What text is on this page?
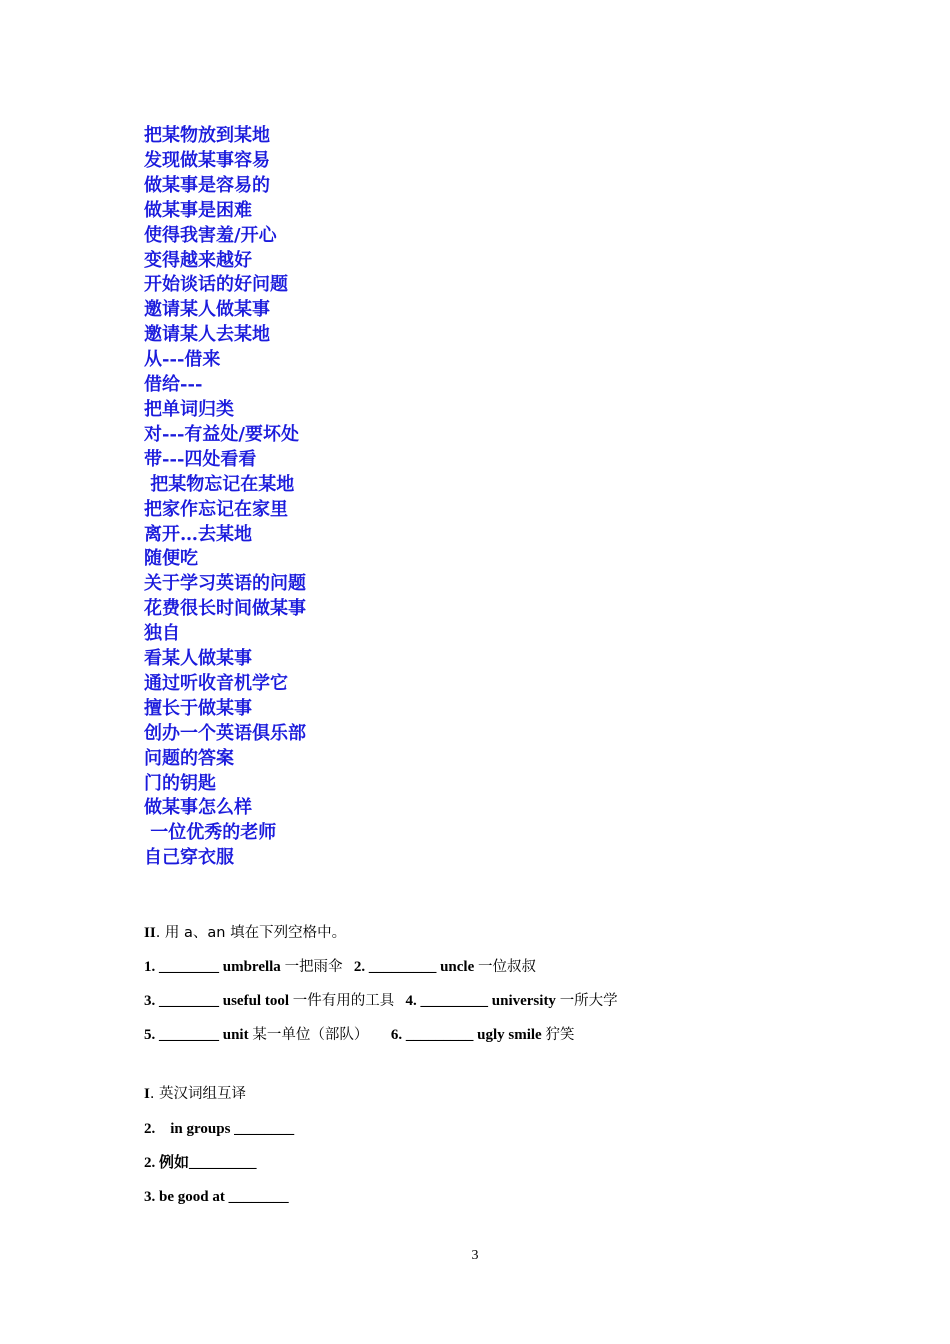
把某物放到某地
发现做某事容易
做某事是容易的
做某事是困难
使得我害羞/开心
变得越来越好
开始谈话的好问题
邀请某人做某事
邀请某人去某地
从---借来
借给---
把单词归类
对---有益处/要坏处
带---四处看看
把某物忘记在某地
把家作忘记在家里
离开…去某地
随便吃
关于学习英语的问题
花费很长时间做某事
独自
看某人做某事
通过听收音机学它
擅长于做某事
创办一个英语俱乐部
问题的答案
门的钥匙
做某事怎么样
一位优秀的老师
自己穿衣服
II. 用 a、an 填在下列空格中。
1. ________ umbrella 一把雨伞   2. _________ uncle 一位叔叔
3. ________ useful tool 一件有用的工具   4. _________ university 一所大学
5. ________ unit 某一单位（部队）      6. _________ ugly smile 狞笑
I. 英汉词组互译
2.    in groups ________
2. 例如_________
3. be good at ________
3
